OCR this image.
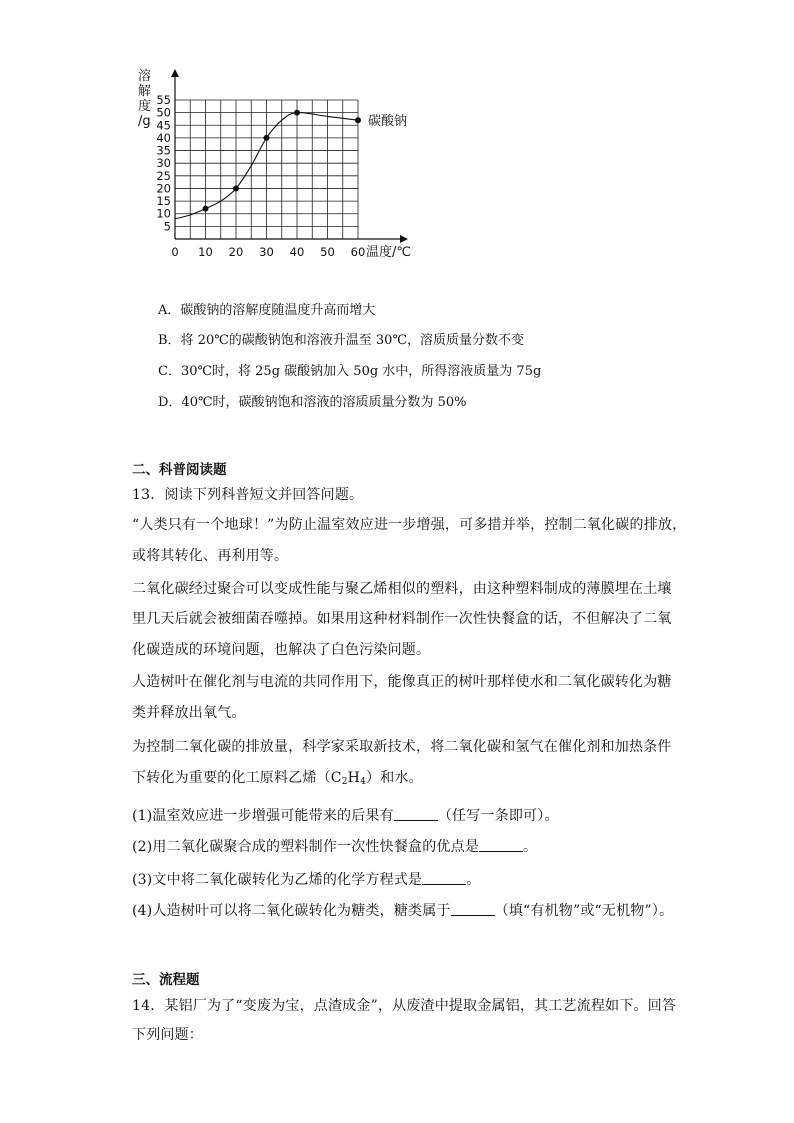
溶
解
度
/g
5
10
15
20
25
30
35
40
45
50
55
0 10 20 30 40 50 60 温度/℃
碳酸钠
A．碳酸钠的溶解度随温度升高而增大
B．将 20℃的碳酸钠饱和溶液升温至 30℃，溶质质量分数不变
C．30℃时，将 25g 碳酸钠加入 50g 水中，所得溶液质量为 75g
D．40℃时，碳酸钠饱和溶液的溶质质量分数为 50%
二、科普阅读题
13．阅读下列科普短文并回答问题。
“人类只有一个地球！”为防止温室效应进一步增强，可多措并举，控制二氧化碳的排放，
或将其转化、再利用等。
二氧化碳经过聚合可以变成性能与聚乙烯相似的塑料，由这种塑料制成的薄膜埋在土壤
里几天后就会被细菌吞噬掉。如果用这种材料制作一次性快餐盒的话，不但解决了二氧
化碳造成的环境问题，也解决了白色污染问题。
人造树叶在催化剂与电流的共同作用下，能像真正的树叶那样使水和二氧化碳转化为糖
类并释放出氧气。
为控制二氧化碳的排放量，科学家采取新技术，将二氧化碳和氢气在催化剂和加热条件
下转化为重要的化工原料乙烯$(C_2H_4)$和水。
(1)温室效应进一步增强可能带来的后果有	（任写一条即可）。
(2)用二氧化碳聚合成的塑料制作一次性快餐盒的优点是	。
(3)文中将二氧化碳转化为乙烯的化学方程式是	。
(4)人造树叶可以将二氧化碳转化为糖类，糖类属于	（填“有机物”或“无机物”）。
三、流程题
14．某铝厂为了“变废为宝，点渣成金”，从废渣中提取金属铝，其工艺流程如下。回答
下列问题：
